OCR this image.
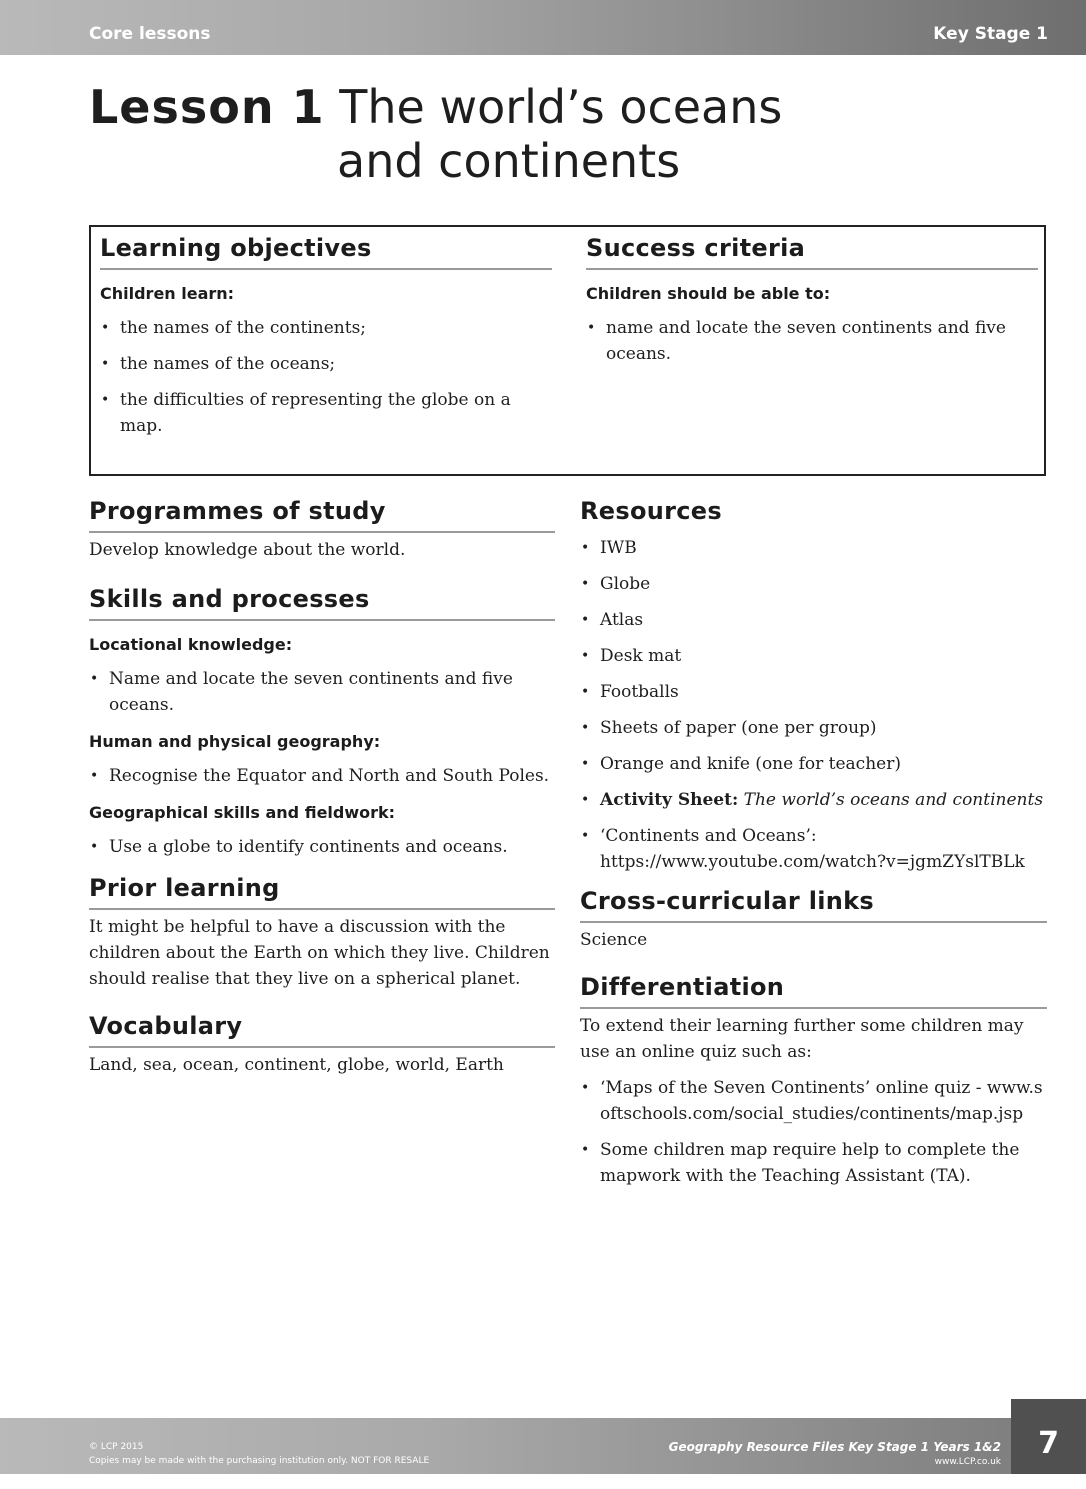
Core lessons	Key Stage 1
Lesson 1 The world’s oceans
and continents
Learning objectives
Children learn:
• the names of the continents;
• the names of the oceans;
• the difficulties of representing the globe on a map.
Success criteria
Children should be able to:
• name and locate the seven continents and five oceans.
Programmes of study

Develop knowledge about the world.

Skills and processes
Locational knowledge:
• Name and locate the seven continents and five oceans.
Human and physical geography:
• Recognise the Equator and North and South Poles.
Geographical skills and fieldwork:
• Use a globe to identify continents and oceans.
Prior learning

It might be helpful to have a discussion with the children about the Earth on which they live. Children should realise that they live on a spherical planet.

Vocabulary

Land, sea, ocean, continent, globe, world, Earth

Resources
• IWB
• Globe
• Atlas
• Desk mat
• Footballs
• Sheets of paper (one per group)
• Orange and knife (one for teacher)
• Activity Sheet: The world’s oceans and continents
• ‘Continents and Oceans’:
https://www.youtube.com/watch?v=jgmZYslTBLk
Cross-curricular links

Science

Differentiation

To extend their learning further some children may use an online quiz such as:

• ‘Maps of the Seven Continents’ online quiz - www.softschools.com/social_studies/continents/map.jsp
• Some children map require help to complete the mapwork with the Teaching Assistant (TA).
© LCP 2015
Copies may be made with the purchasing institution only. NOT FOR RESALE
Geography Resource Files Key Stage 1 Years 1&2
www.LCP.co.uk
7
